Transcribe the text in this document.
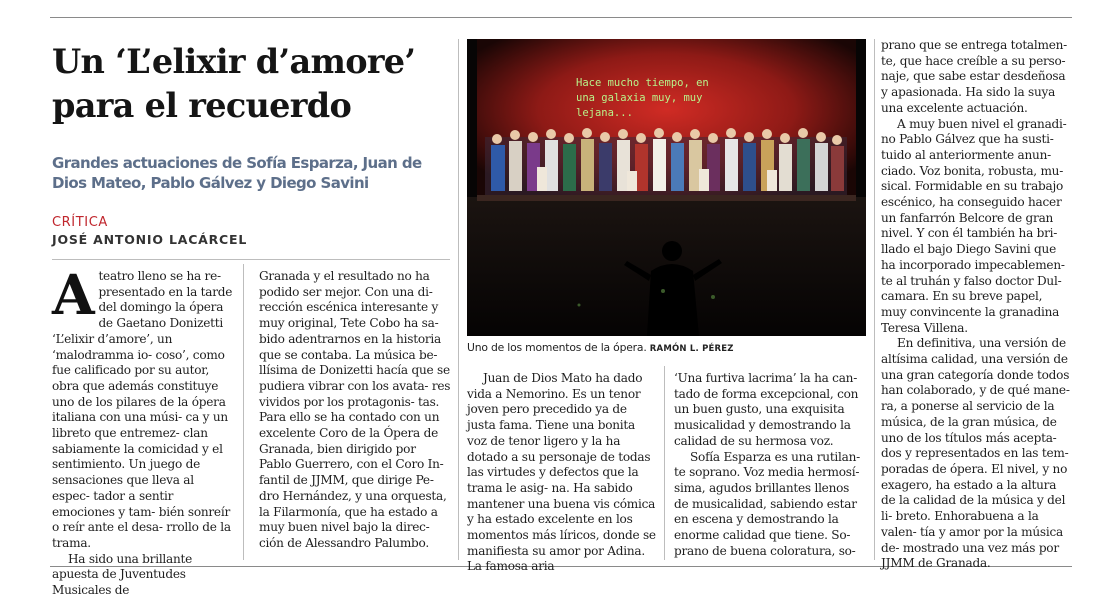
Un ‘L’elixir d’amore’ para el recuerdo
Grandes actuaciones de Sofía Esparza, Juan de Dios Mateo, Pablo Gálvez y Diego Savini
CRÍTICA
JOSÉ ANTONIO LACÁRCEL
Hace mucho tiempo, en una galaxia muy, muy lejana...
Uno de los momentos de la ópera. RAMÓN L. PÉREZ

Ateatro lleno se ha re- presentado en la tarde del domingo la ópera de Gaetano Donizetti ‘L’elixir d’amore’, un ‘malodramma io- coso’, como fue calificado por su autor, obra que además constituye uno de los pilares de la ópera italiana con una músi- ca y un libreto que entremez- clan sabiamente la comicidad y el sentimiento. Un juego de sensaciones que lleva al espec- tador a sentir emociones y tam- bién sonreír o reír ante el desa- rrollo de la trama.

Ha sido una brillante apuesta de Juventudes Musicales de

Granada y el resultado no ha podido ser mejor. Con una di- rección escénica interesante y muy original, Tete Cobo ha sa- bido adentrarnos en la historia que se contaba. La música be- llísima de Donizetti hacía que se pudiera vibrar con los avata- res vividos por los protagonis- tas. Para ello se ha contado con un excelente Coro de la Ópera de Granada, bien dirigido por Pablo Guerrero, con el Coro In- fantil de JJMM, que dirige Pe- dro Hernández, y una orquesta, la Filarmonía, que ha estado a muy buen nivel bajo la direc- ción de Alessandro Palumbo.

Juan de Dios Mato ha dado vida a Nemorino. Es un tenor joven pero precedido ya de justa fama. Tiene una bonita voz de tenor ligero y la ha dotado a su personaje de todas las virtudes y defectos que la trama le asig- na. Ha sabido mantener una buena vis cómica y ha estado excelente en los momentos más líricos, donde se manifiesta su amor por Adina. La famosa aria

‘Una furtiva lacrima’ la ha can- tado de forma excepcional, con un buen gusto, una exquisita musicalidad y demostrando la calidad de su hermosa voz.

Sofía Esparza es una rutilan- te soprano. Voz media hermosí- sima, agudos brillantes llenos de musicalidad, sabiendo estar en escena y demostrando la enorme calidad que tiene. So- prano de buena coloratura, so-

prano que se entrega totalmen- te, que hace creíble a su perso- naje, que sabe estar desdeñosa y apasionada. Ha sido la suya una excelente actuación.

A muy buen nivel el granadi- no Pablo Gálvez que ha susti- tuido al anteriormente anun- ciado. Voz bonita, robusta, mu- sical. Formidable en su trabajo escénico, ha conseguido hacer un fanfarrón Belcore de gran nivel. Y con él también ha bri- llado el bajo Diego Savini que ha incorporado impecablemen- te al truhán y falso doctor Dul- camara. En su breve papel, muy convincente la granadina Teresa Villena.

En definitiva, una versión de altísima calidad, una versión de una gran categoría donde todos han colaborado, y de qué mane- ra, a ponerse al servicio de la música, de la gran música, de uno de los títulos más acepta- dos y representados en las tem- poradas de ópera. El nivel, y no exagero, ha estado a la altura de la calidad de la música y del li- breto. Enhorabuena a la valen- tía y amor por la música de- mostrado una vez más por JJMM de Granada.
